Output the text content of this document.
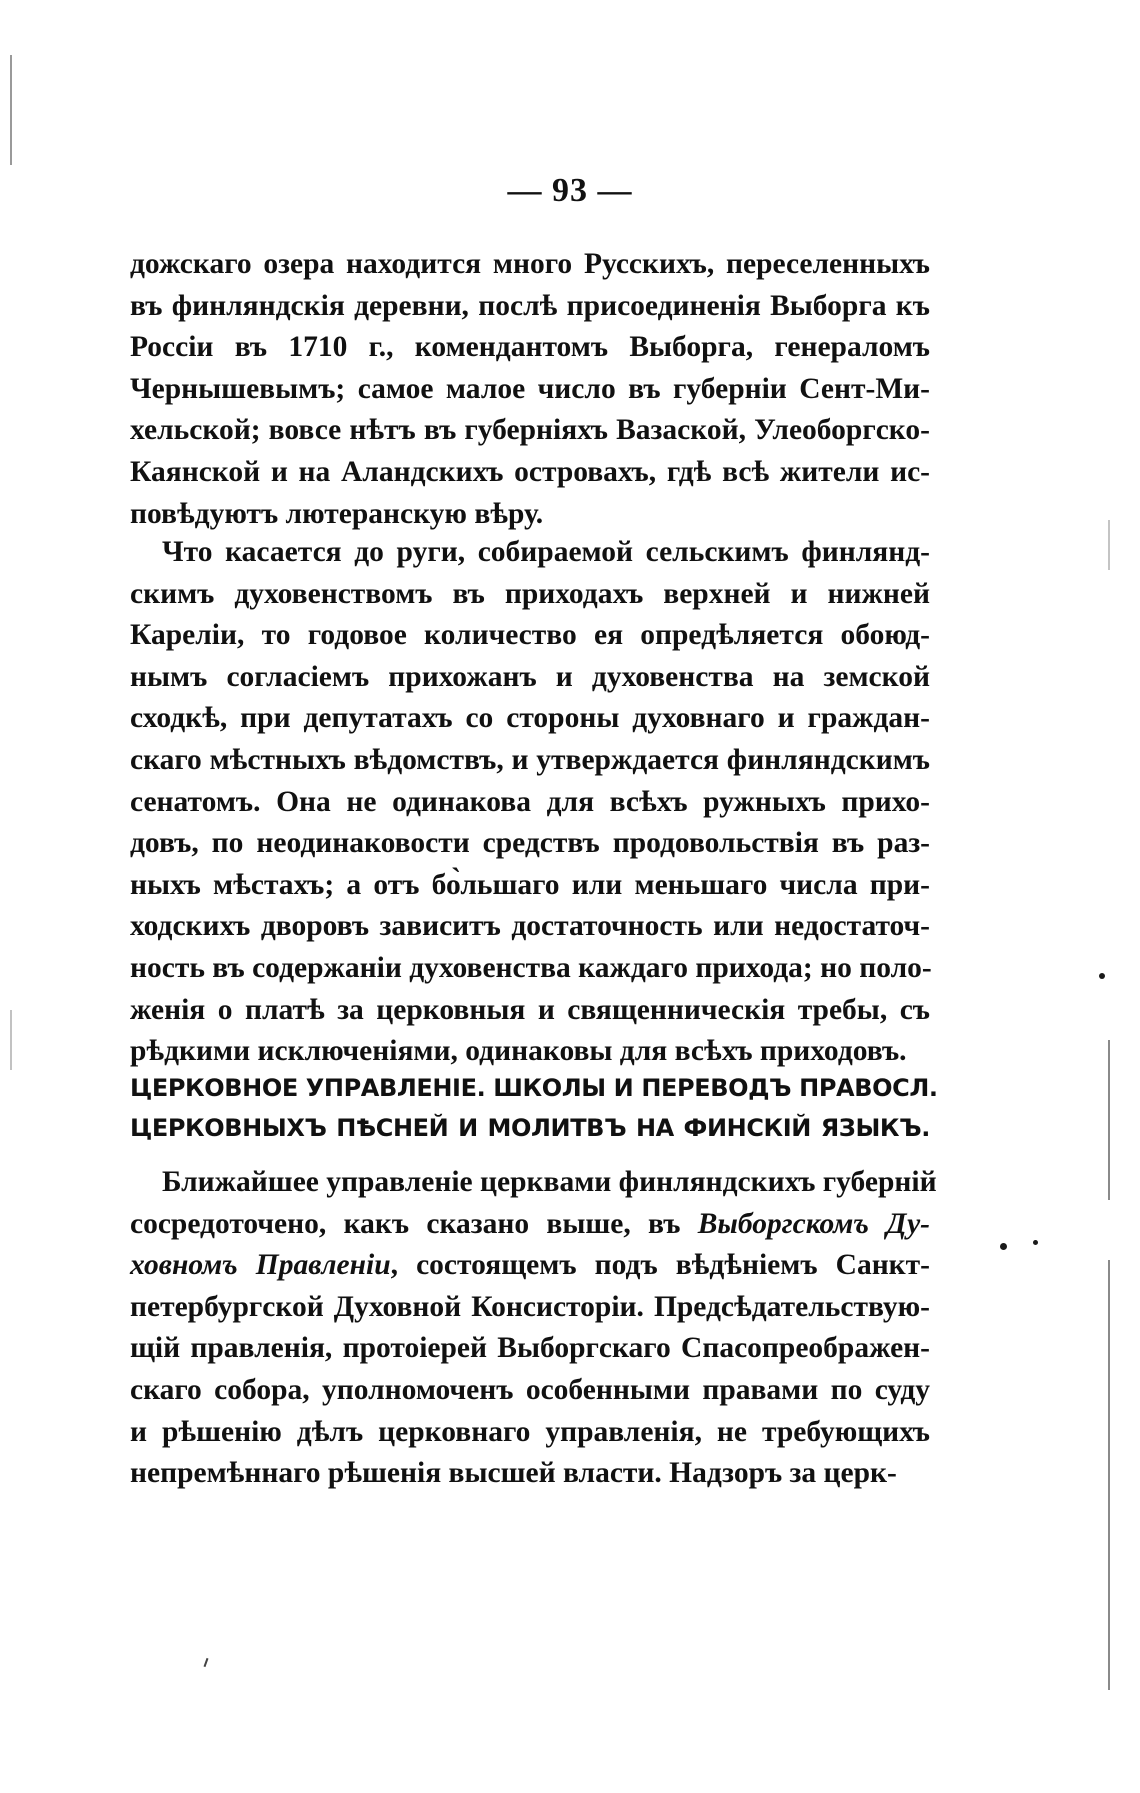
— 93 —
дожскаго озера находится много Русскихъ, переселенныхъ
въ финляндскія деревни, послѣ присоединенія Выборга къ
Россіи въ 1710 г., комендантомъ Выборга, генераломъ
Чернышевымъ; самое малое число въ губерніи Сент-Ми-
хельской; вовсе нѣтъ въ губерніяхъ Вазаской, Улеоборгско-
Каянской и на Аландскихъ островахъ, гдѣ всѣ жители ис-
повѣдуютъ лютеранскую вѣру.
Что касается до руги, собираемой сельскимъ финлянд-
скимъ духовенствомъ въ приходахъ верхней и нижней
Кареліи, то годовое количество ея опредѣляется обоюд-
нымъ согласіемъ прихожанъ и духовенства на земской
сходкѣ, при депутатахъ со стороны духовнаго и граждан-
скаго мѣстныхъ вѣдомствъ, и утверждается финляндскимъ
сенатомъ. Она не одинакова для всѣхъ ружныхъ прихо-
довъ, по неодинаковости средствъ продовольствія въ раз-
ныхъ мѣстахъ; а отъ бо̀льшаго или меньшаго числа при-
ходскихъ дворовъ зависитъ достаточность или недостаточ-
ность въ содержаніи духовенства каждаго прихода; но поло-
женія о платѣ за церковныя и священническія требы, съ
рѣдкими исключеніями, одинаковы для всѣхъ приходовъ.
ЦЕРКОВНОЕ УПРАВЛЕНІЕ. ШКОЛЫ И ПЕРЕВОДЪ ПРАВОСЛ.
ЦЕРКОВНЫХЪ ПѢСНЕЙ И МОЛИТВЪ НА ФИНСКІЙ ЯЗЫКЪ.
Ближайшее управленіе церквами финляндскихъ губерній
сосредоточено, какъ сказано выше, въ Выборгскомъ Ду-
ховномъ Правленіи, состоящемъ подъ вѣдѣніемъ Санкт-
петербургской Духовной Консисторіи. Предсѣдательствую-
щій правленія, протоіерей Выборгскаго Спасопреображен-
скаго собора, уполномоченъ особенными правами по суду
и рѣшенію дѣлъ церковнаго управленія, не требующихъ
непремѣннаго рѣшенія высшей власти. Надзоръ за церк-
